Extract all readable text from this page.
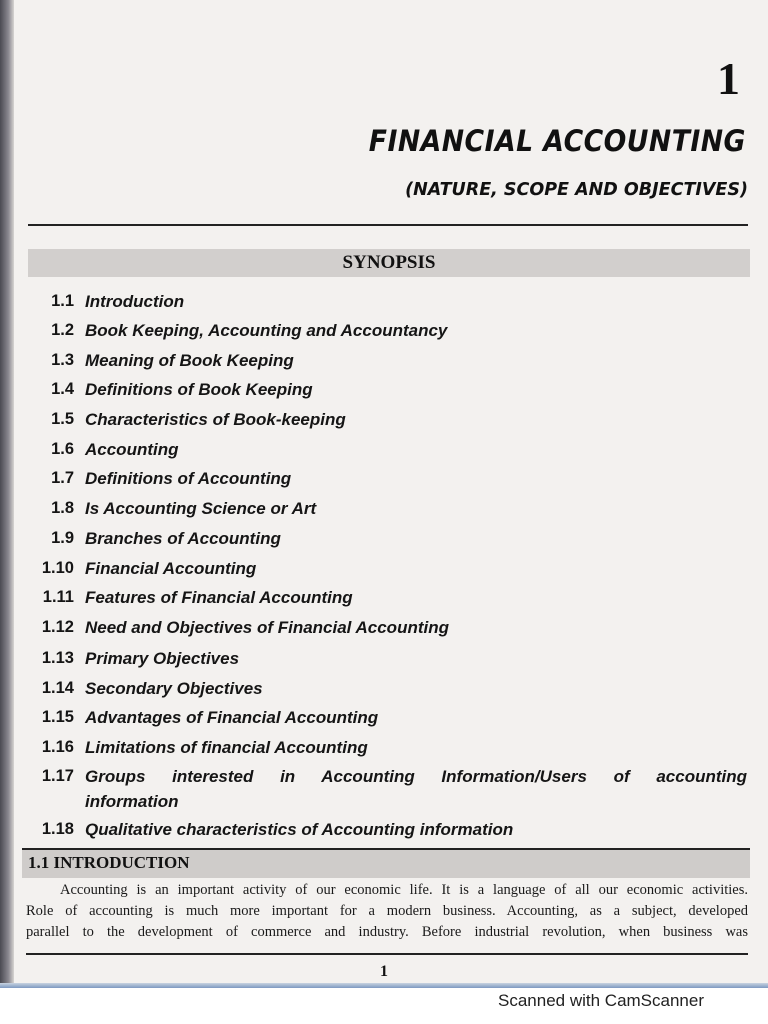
1
FINANCIAL ACCOUNTING
(NATURE, SCOPE AND OBJECTIVES)
SYNOPSIS
1.1 Introduction
1.2 Book Keeping, Accounting and Accountancy
1.3 Meaning of Book Keeping
1.4 Definitions of Book Keeping
1.5 Characteristics of Book-keeping
1.6 Accounting
1.7 Definitions of Accounting
1.8 Is Accounting Science or Art
1.9 Branches of Accounting
1.10 Financial Accounting
1.11 Features of Financial Accounting
1.12 Need and Objectives of Financial Accounting
1.13 Primary Objectives
1.14 Secondary Objectives
1.15 Advantages of Financial Accounting
1.16 Limitations of financial Accounting
1.17 Groups interested in Accounting Information/Users of accounting
information
1.18 Qualitative characteristics of Accounting information
1.1 INTRODUCTION
Accounting is an important activity of our economic life. It is a language of all our economic activities.
Role of accounting is much more important for a modern business. Accounting, as a subject, developed
parallel to the development of commerce and industry. Before industrial revolution, when business was
1
Scanned with CamScanner
